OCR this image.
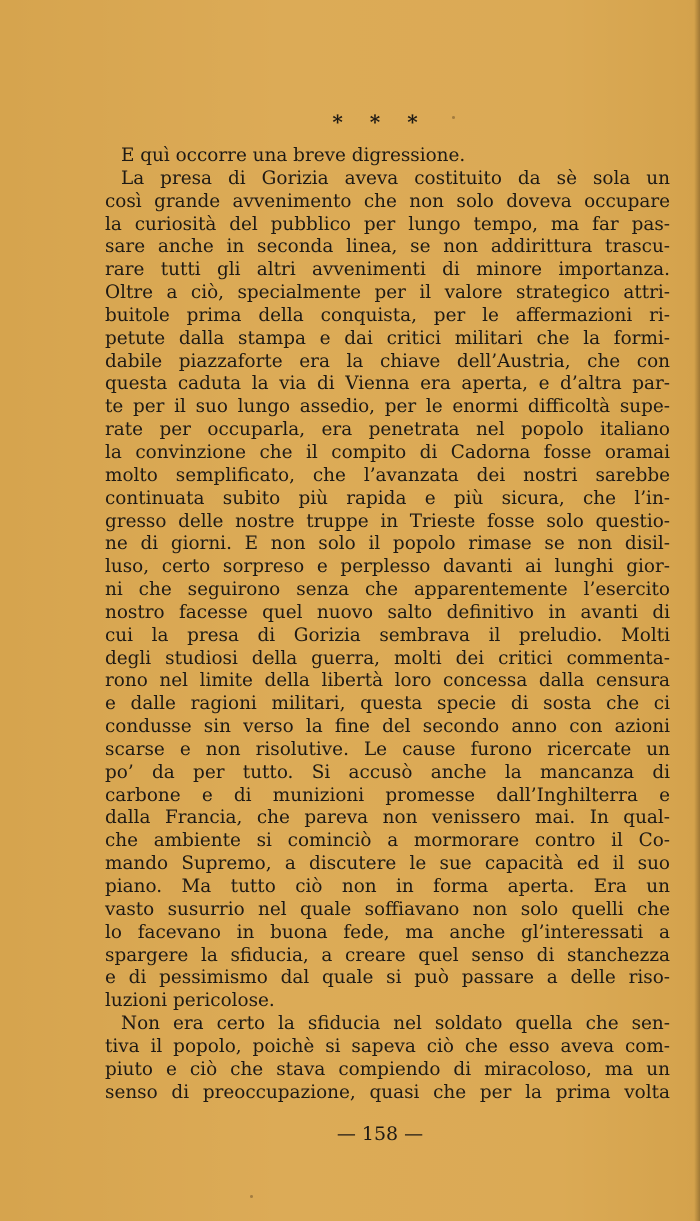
* * *
E quì occorre una breve digressione.
La presa di Gorizia aveva costituito da sè sola un
così grande avvenimento che non solo doveva occupare
la curiosità del pubblico per lungo tempo, ma far pas-
sare anche in seconda linea, se non addirittura trascu-
rare tutti gli altri avvenimenti di minore importanza.
Oltre a ciò, specialmente per il valore strategico attri-
buitole prima della conquista, per le affermazioni ri-
petute dalla stampa e dai critici militari che la formi-
dabile piazzaforte era la chiave dell’Austria, che con
questa caduta la via di Vienna era aperta, e d’altra par-
te per il suo lungo assedio, per le enormi difficoltà supe-
rate per occuparla, era penetrata nel popolo italiano
la convinzione che il compito di Cadorna fosse oramai
molto semplificato, che l’avanzata dei nostri sarebbe
continuata subito più rapida e più sicura, che l’in-
gresso delle nostre truppe in Trieste fosse solo questio-
ne di giorni. E non solo il popolo rimase se non disil-
luso, certo sorpreso e perplesso davanti ai lunghi gior-
ni che seguirono senza che apparentemente l’esercito
nostro facesse quel nuovo salto definitivo in avanti di
cui la presa di Gorizia sembrava il preludio. Molti
degli studiosi della guerra, molti dei critici commenta-
rono nel limite della libertà loro concessa dalla censura
e dalle ragioni militari, questa specie di sosta che ci
condusse sin verso la fine del secondo anno con azioni
scarse e non risolutive. Le cause furono ricercate un
po’ da per tutto. Si accusò anche la mancanza di
carbone e di munizioni promesse dall’Inghilterra e
dalla Francia, che pareva non venissero mai. In qual-
che ambiente si cominciò a mormorare contro il Co-
mando Supremo, a discutere le sue capacità ed il suo
piano. Ma tutto ciò non in forma aperta. Era un
vasto susurrio nel quale soffiavano non solo quelli che
lo facevano in buona fede, ma anche gl’interessati a
spargere la sfiducia, a creare quel senso di stanchezza
e di pessimismo dal quale si può passare a delle riso-
luzioni pericolose.
Non era certo la sfiducia nel soldato quella che sen-
tiva il popolo, poichè si sapeva ciò che esso aveva com-
piuto e ciò che stava compiendo di miracoloso, ma un
senso di preoccupazione, quasi che per la prima volta
— 158 —
